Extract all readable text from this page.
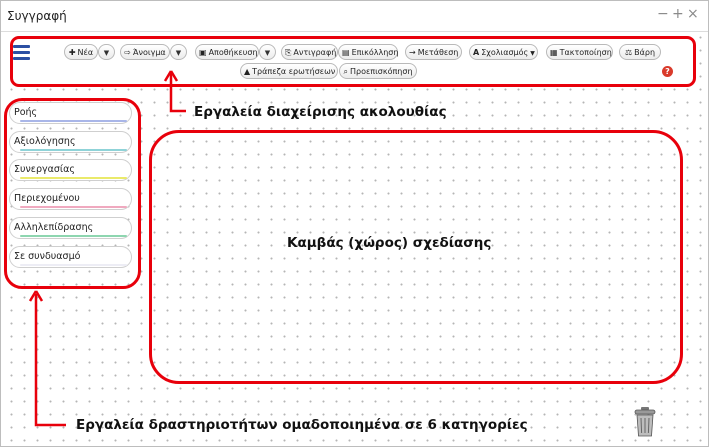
Συγγραφή	− + ×
✚ Νέα	▼	⇨ Άνοιγμα	▼	▣ Αποθήκευση	▼	⎘ Αντιγραφή ▤ Επικόλληση	→ Μετάθεση	A Σχολιασμός ▼	▦ Τακτοποίηση	⚖ Βάρη
▲ Τράπεζα ερωτήσεων	⌕ Προεπισκόπηση	?
Ροής
Αξιολόγησης
Συνεργασίας
Περιεχομένου
Αλληλεπίδρασης
Σε συνδυασμό
Εργαλεία διαχείρισης ακολουθίας
Καμβάς (χώρος) σχεδίασης
Εργαλεία δραστηριοτήτων ομαδοποιημένα σε 6 κατηγορίες
